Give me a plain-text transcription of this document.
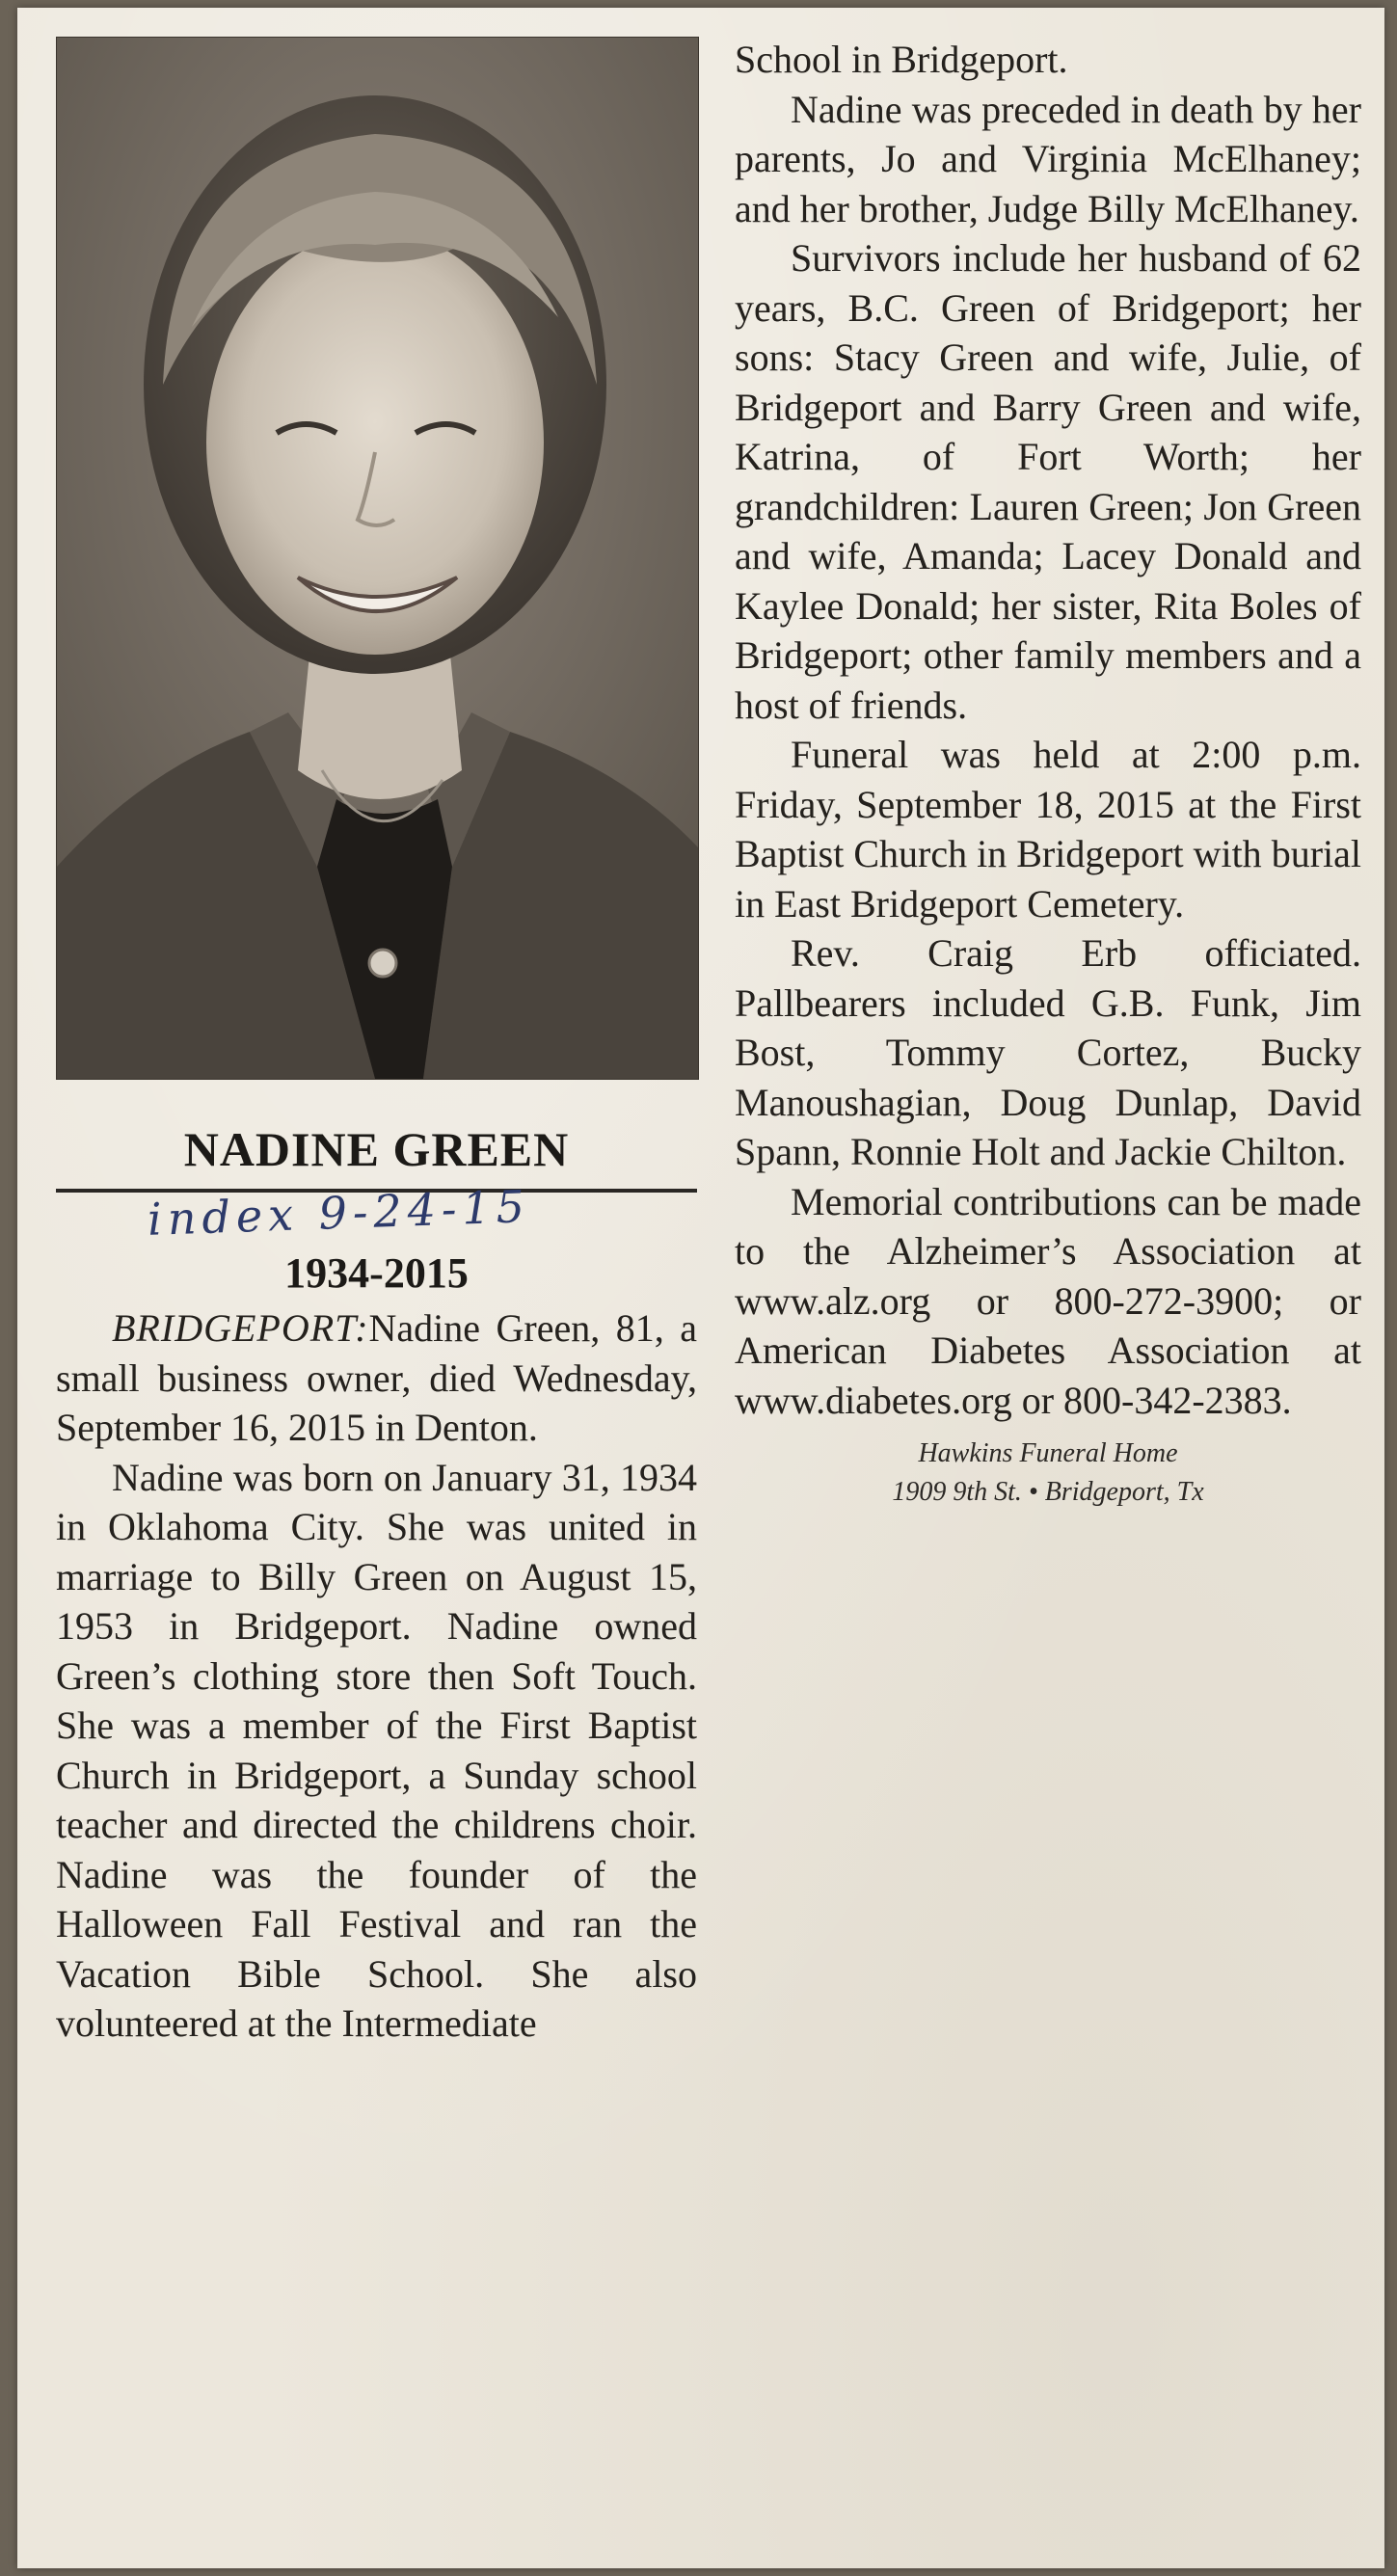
NADINE GREEN
index 9-24-15
1934-2015

BRIDGEPORT:Nadine Green, 81, a small business owner, died Wednesday, September 16, 2015 in Denton.

Nadine was born on January 31, 1934 in Oklahoma City. She was united in marriage to Billy Green on August 15, 1953 in Bridgeport. Nadine owned Green’s clothing store then Soft Touch. She was a member of the First Baptist Church in Bridgeport, a Sunday school teacher and directed the childrens choir. Nadine was the founder of the Halloween Fall Festival and ran the Vacation Bible School. She also volunteered at the Intermediate

School in Bridgeport.

Nadine was preceded in death by her parents, Jo and Virginia McElhaney; and her brother, Judge Billy McElhaney.

Survivors include her husband of 62 years, B.C. Green of Bridgeport; her sons: Stacy Green and wife, Julie, of Bridgeport and Barry Green and wife, Katrina, of Fort Worth; her grandchildren: Lauren Green; Jon Green and wife, Amanda; Lacey Donald and Kaylee Donald; her sister, Rita Boles of Bridgeport; other family members and a host of friends.

Funeral was held at 2:00 p.m. Friday, September 18, 2015 at the First Baptist Church in Bridgeport with burial in East Bridgeport Cemetery.

Rev. Craig Erb officiated. Pallbearers included G.B. Funk, Jim Bost, Tommy Cortez, Bucky Manoushagian, Doug Dunlap, David Spann, Ronnie Holt and Jackie Chilton.

Memorial contributions can be made to the Alzheimer’s Association at www.alz.org or 800-272-3900; or American Diabetes Association at www.diabetes.org or 800-342-2383.

Hawkins Funeral Home
1909 9th St. • Bridgeport, Tx
